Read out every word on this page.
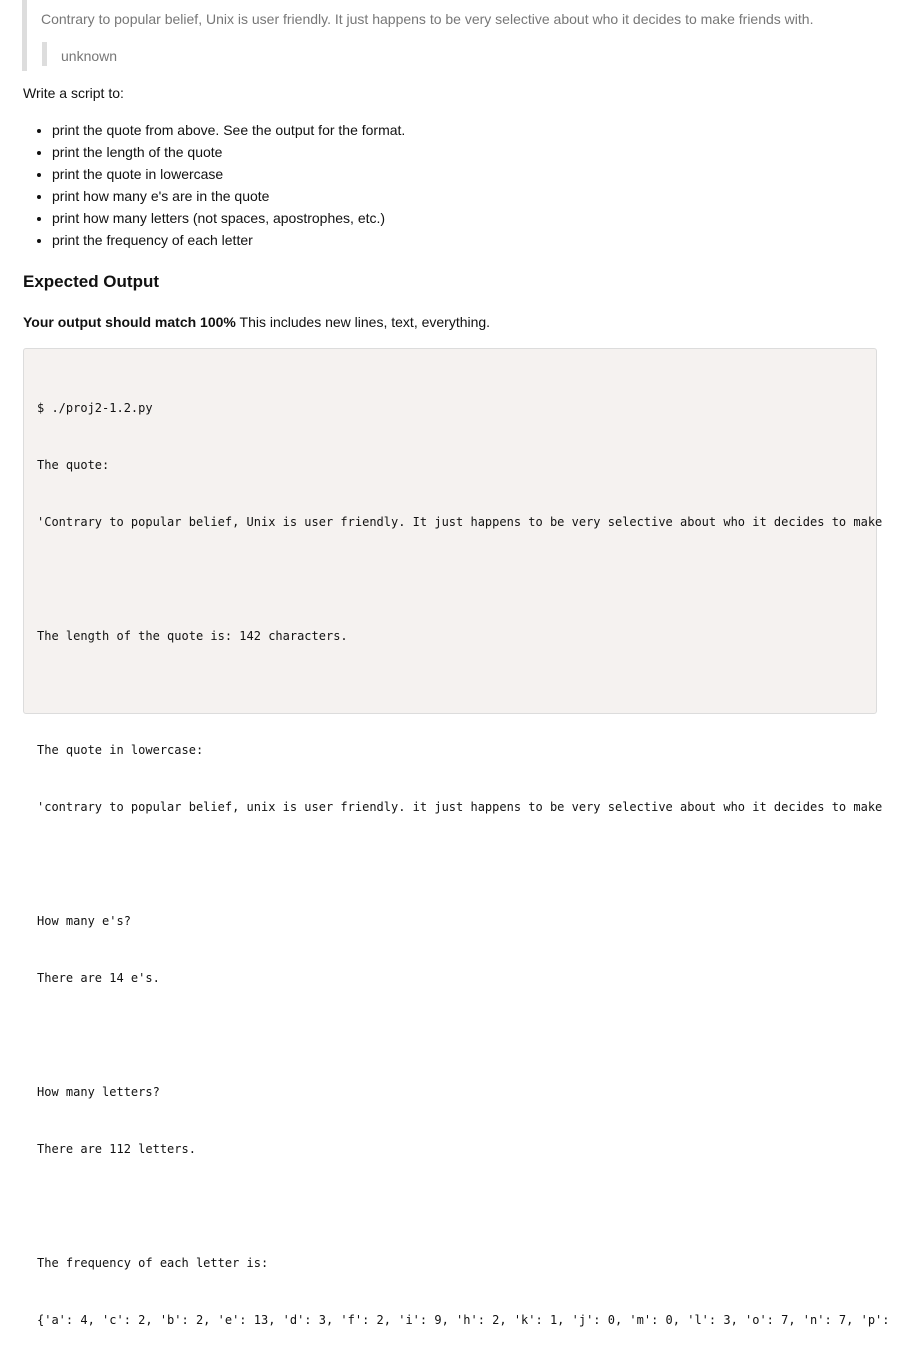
Contrary to popular belief, Unix is user friendly. It just happens to be very selective about who it decides to make friends with.
unknown
Write a script to:
• print the quote from above. See the output for the format.
• print the length of the quote
• print the quote in lowercase
• print how many e's are in the quote
• print how many letters (not spaces, apostrophes, etc.)
• print the frequency of each letter
Expected Output
Your output should match 100% This includes new lines, text, everything.

$ ./proj2-1.2.py

The quote:

'Contrary to popular belief, Unix is user friendly. It just happens to be very selective about who it decides to make

The length of the quote is: 142 characters.

The quote in lowercase:

'contrary to popular belief, unix is user friendly. it just happens to be very selective about who it decides to make

How many e's?

There are 14 e's.

How many letters?

There are 112 letters.

The frequency of each letter is:

{'a': 4, 'c': 2, 'b': 2, 'e': 13, 'd': 3, 'f': 2, 'i': 9, 'h': 2, 'k': 1, 'j': 0, 'm': 0, 'l': 3, 'o': 7, 'n': 7, 'p':
